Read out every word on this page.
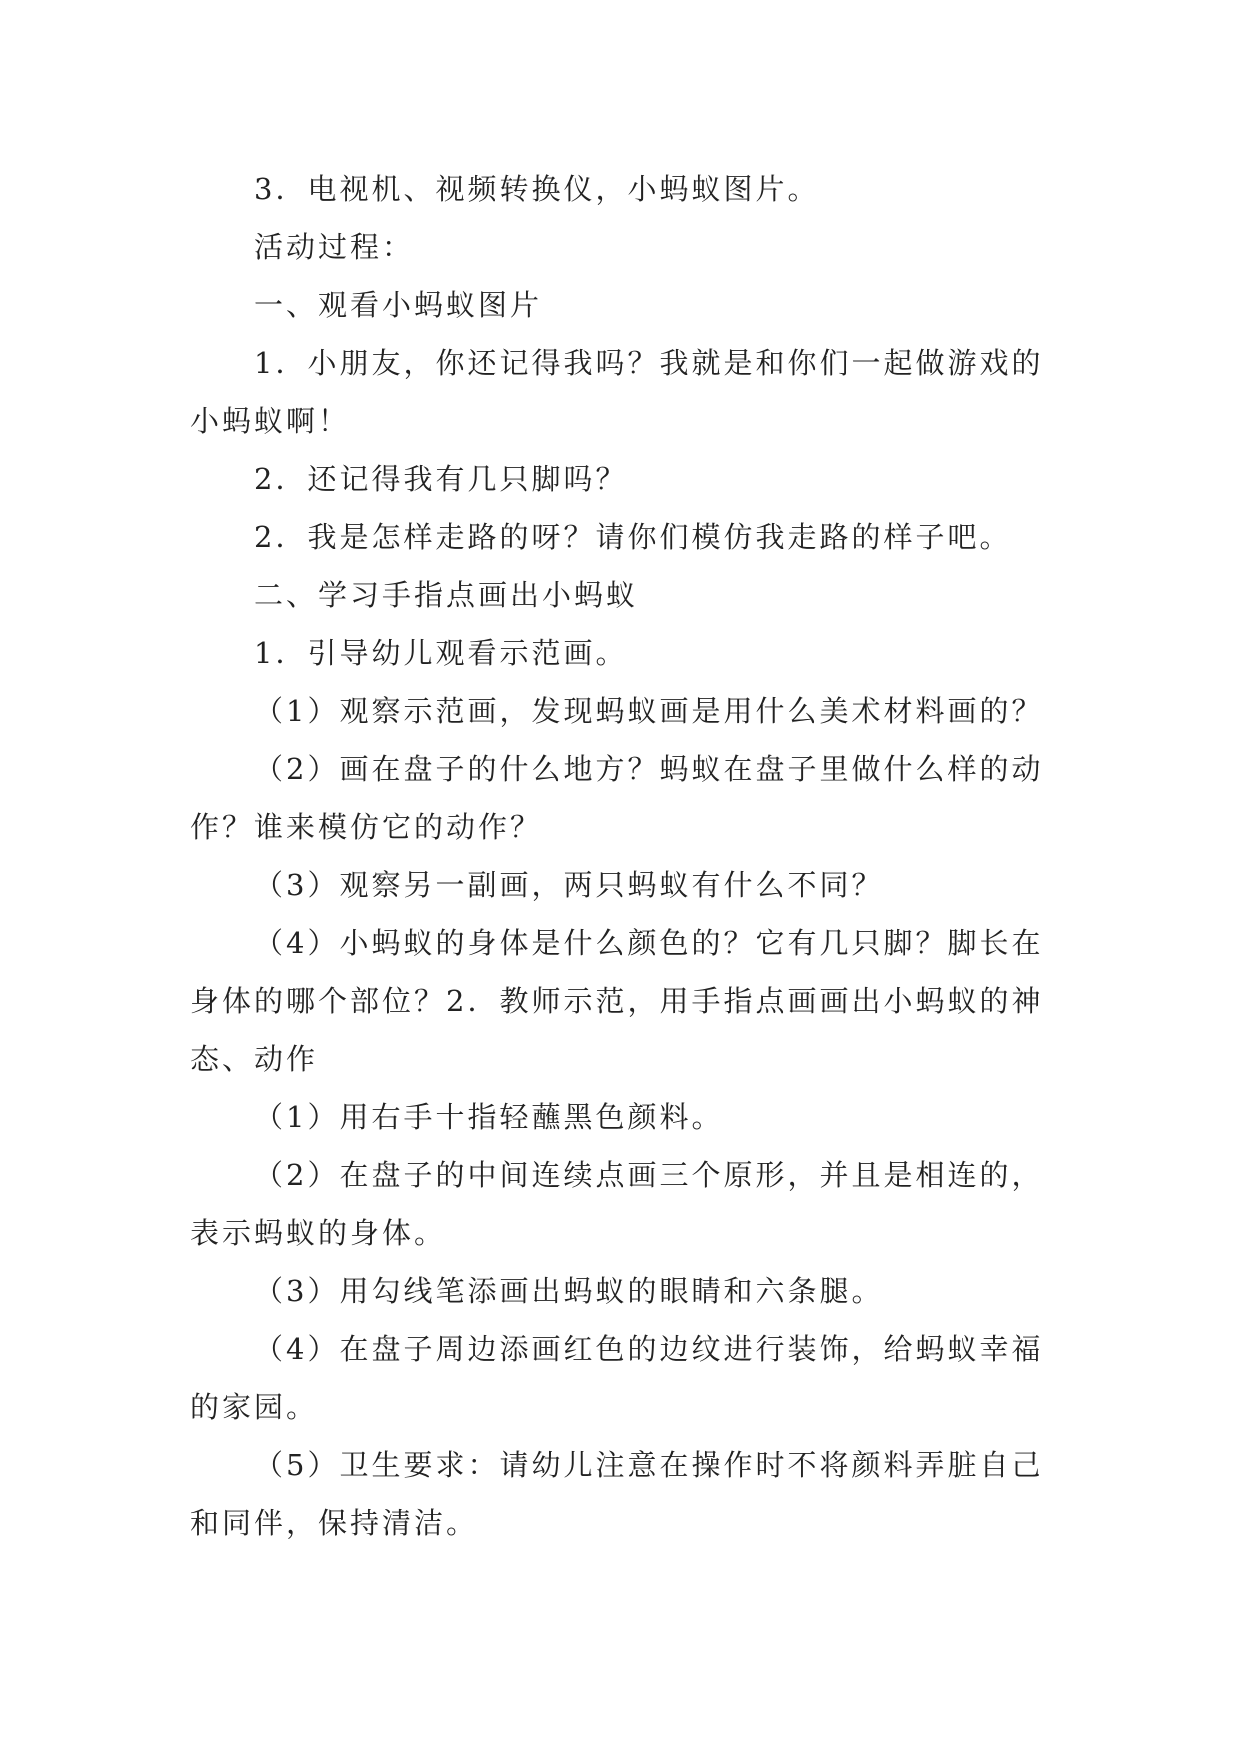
3．电视机、视频转换仪，小蚂蚁图片。

活动过程：

一、观看小蚂蚁图片

1．小朋友，你还记得我吗？我就是和你们一起做游戏的小蚂蚁啊！

2．还记得我有几只脚吗？

2．我是怎样走路的呀？请你们模仿我走路的样子吧。

二、学习手指点画出小蚂蚁

1．引导幼儿观看示范画。

（1）观察示范画，发现蚂蚁画是用什么美术材料画的？

（2）画在盘子的什么地方？蚂蚁在盘子里做什么样的动作？谁来模仿它的动作？

（3）观察另一副画，两只蚂蚁有什么不同？

（4）小蚂蚁的身体是什么颜色的？它有几只脚？脚长在身体的哪个部位？2．教师示范，用手指点画画出小蚂蚁的神态、动作

（1）用右手十指轻蘸黑色颜料。

（2）在盘子的中间连续点画三个原形，并且是相连的，表示蚂蚁的身体。

（3）用勾线笔添画出蚂蚁的眼睛和六条腿。

（4）在盘子周边添画红色的边纹进行装饰，给蚂蚁幸福的家园。

（5）卫生要求：请幼儿注意在操作时不将颜料弄脏自己和同伴，保持清洁。
